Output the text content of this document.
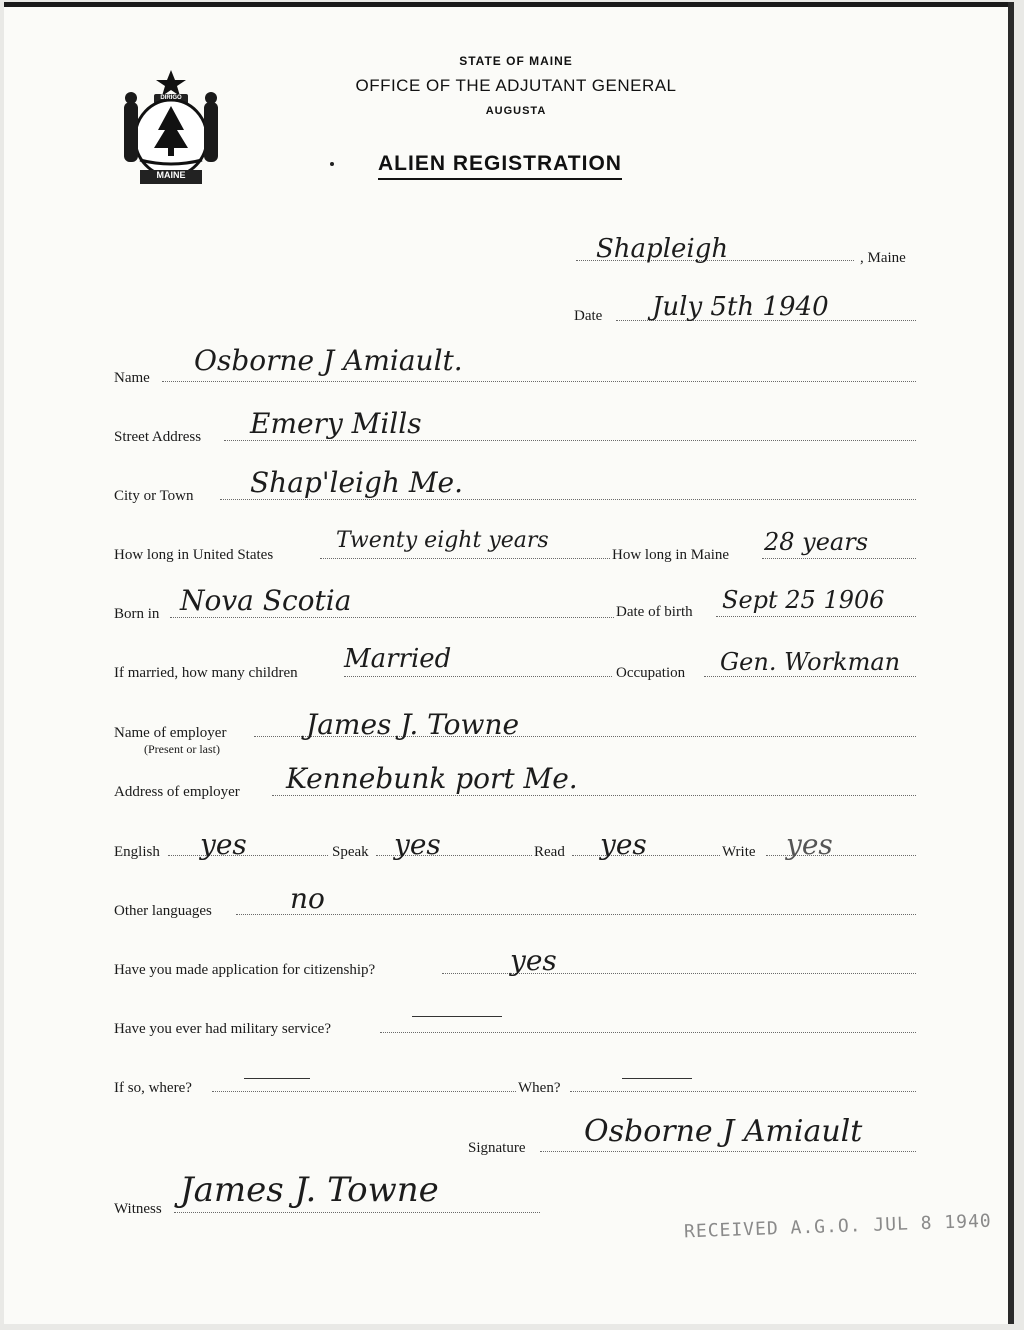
MAINE
DIRIGO
STATE OF MAINE
OFFICE OF THE ADJUTANT GENERAL
AUGUSTA
ALIEN REGISTRATION
Shapleigh	, Maine
Date July 5th 1940
Name
Osborne J Amiault.
Street Address Emery Mills
City or Town Shap'leigh Me.
How long in United States
Twenty eight years
How long in Maine 28 years
Born in Nova Scotia	Date of birth Sept 25 1906
If married, how many children Married	Occupation Gen. Workman
Name of employer
(Present or last)
James J. Towne
Address of employer Kennebunk port Me.
English yes	Speak yes	Read yes	Write yes
Other languages	no
Have you made application for citizenship?	yes
Have you ever had military service?
If so, where?	When?
Signature Osborne J Amiault
Witness James J. Towne
RECEIVED A.G.O. JUL 8 1940
